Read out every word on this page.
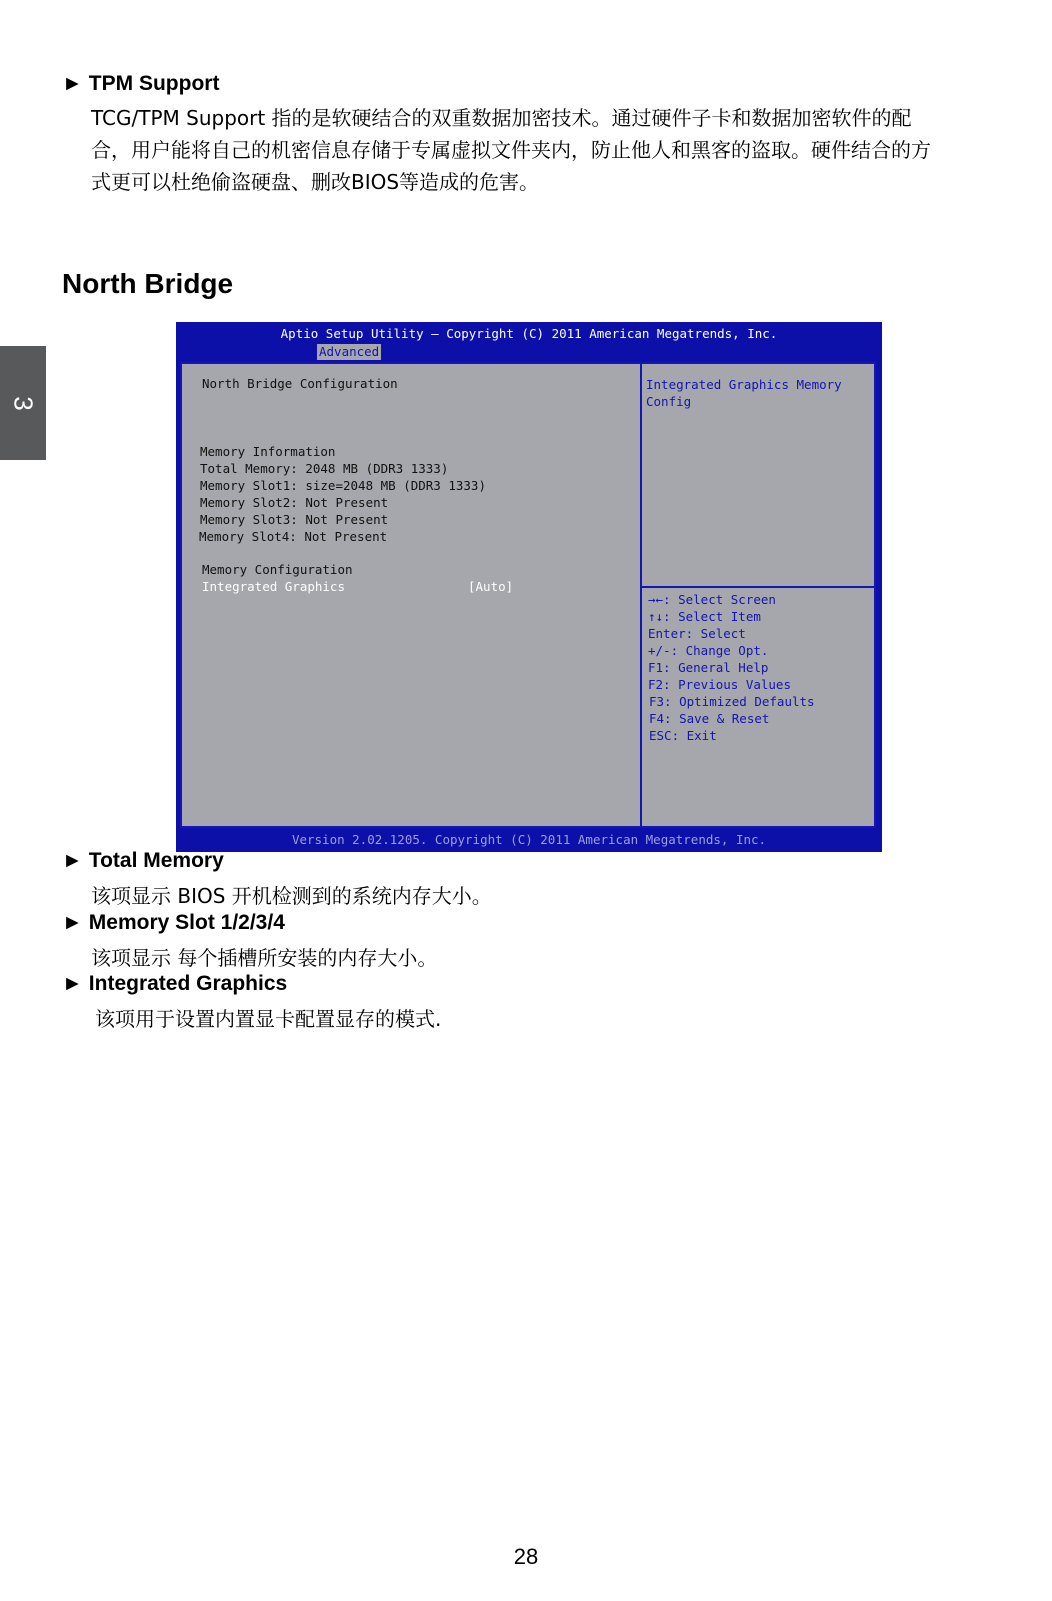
3
► TPM Support
TCG/TPM Support 指的是软硬结合的双重数据加密技术。通过硬件子卡和数据加密软件的配
合，用户能将自己的机密信息存储于专属虚拟文件夹内，防止他人和黑客的盗取。硬件结合的方
式更可以杜绝偷盗硬盘、删改BIOS等造成的危害。
North Bridge
Aptio Setup Utility – Copyright (C) 2011 American Megatrends, Inc.
Advanced
North Bridge Configuration
Memory Information
Total Memory: 2048 MB (DDR3 1333)
Memory Slot1: size=2048 MB (DDR3 1333)
Memory Slot2: Not Present
Memory Slot3: Not Present
Memory Slot4: Not Present
Memory Configuration
Integrated Graphics	[Auto]
Integrated Graphics Memory
Config
→←: Select Screen
↑↓: Select Item
Enter: Select
+/-: Change Opt.
F1: General Help
F2: Previous Values
F3: Optimized Defaults
F4: Save & Reset
ESC: Exit
Version 2.02.1205. Copyright (C) 2011 American Megatrends, Inc.
► Total Memory
该项显示 BIOS 开机检测到的系统内存大小。
► Memory Slot 1/2/3/4
该项显示 每个插槽所安装的内存大小。
► Integrated Graphics
该项用于设置内置显卡配置显存的模式.
28
